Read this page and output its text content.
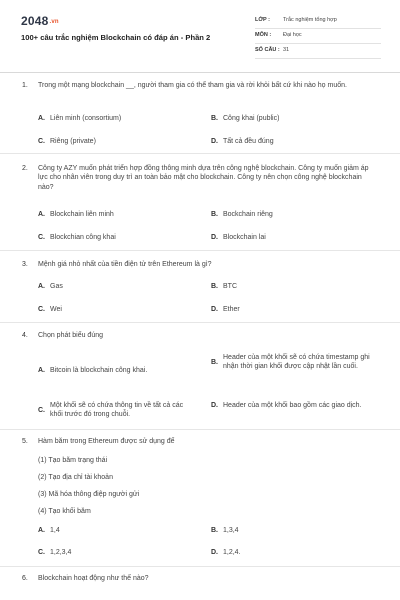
2048.vn
100+ câu trắc nghiệm Blockchain có đáp án - Phần 2
LỚP :	Trắc nghiệm tổng hợp
MÔN :	Đại học
SỐ CÂU : 31
1.	Trong một mạng blockchain __, người tham gia có thể tham gia và rời khỏi bất cứ khi nào họ muốn.
A. Liên minh (consortium)	B. Công khai (public)
C. Riêng (private)	D. Tất cả đều đúng
2.	Công ty AZY muốn phát triển hợp đồng thông minh dựa trên công nghệ blockchain. Công ty muốn giảm áp lực cho nhân viên trong duy trì an toàn bảo mật cho blockchain. Công ty nên chọn công nghệ blockchain nào?
A. Blockchain liên minh	B. Bockchain riêng
C. Blockchian công khai	D. Blockchain lai
3.	Mệnh giá nhỏ nhất của tiền điện tử trên Ethereum là gì?
A. Gas	B. BTC
C. Wei	D. Ether
4.	Chọn phát biểu đúng
A. Bitcoin là blockchain công khai.
B.
Header của một khối sẽ có chứa timestamp ghi nhận thời gian khối được cập nhật lần cuối.
C.
Một khối sẽ có chứa thông tin về tất cả các khối trước đó trong chuỗi.
D. Header của một khối bao gồm các giao dịch.
5.	Hàm băm trong Ethereum được sử dụng để
(1) Tạo băm trạng thái
(2) Tạo địa chỉ tài khoản
(3) Mã hóa thông điệp người gửi
(4) Tạo khối băm
A. 1,4	B. 1,3,4
C. 1,2,3,4	D. 1,2,4.
6.	Blockchain hoạt động như thế nào?
